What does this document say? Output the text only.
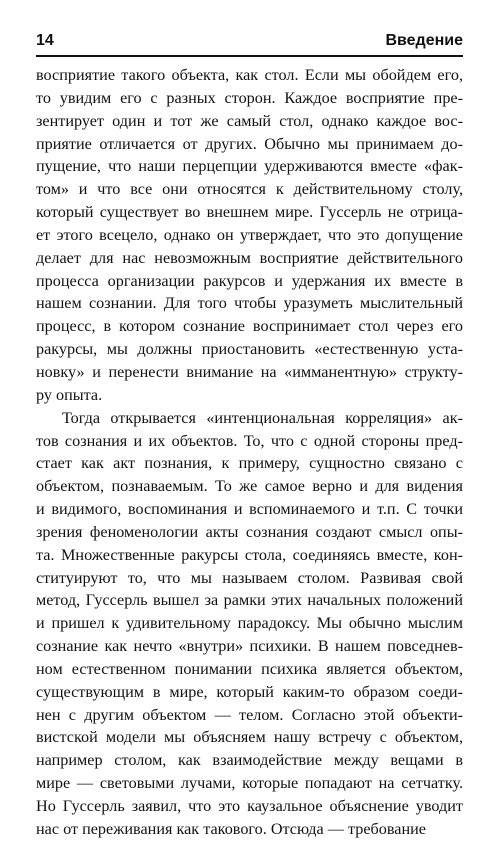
14	Введение
восприятие такого объекта, как стол. Если мы обойдем его,
то увидим его с разных сторон. Каждое восприятие пре-
зентирует один и тот же самый стол, однако каждое вос-
приятие отличается от других. Обычно мы принимаем до-
пущение, что наши перцепции удерживаются вместе «фак-
том» и что все они относятся к действительному столу,
который существует во внешнем мире. Гуссерль не отрица-
ет этого всецело, однако он утверждает, что это допущение
делает для нас невозможным восприятие действительного
процесса организации ракурсов и удержания их вместе в
нашем сознании. Для того чтобы уразуметь мыслительный
процесс, в котором сознание воспринимает стол через его
ракурсы, мы должны приостановить «естественную уста-
новку» и перенести внимание на «имманентную» структу-
ру опыта.
Тогда открывается «интенциональная корреляция» ак-
тов сознания и их объектов. То, что с одной стороны пред-
стает как акт познания, к примеру, сущностно связано с
объектом, познаваемым. То же самое верно и для видения
и видимого, воспоминания и вспоминаемого и т.п. С точки
зрения феноменологии акты сознания создают смысл опы-
та. Множественные ракурсы стола, соединяясь вместе, кон-
ституируют то, что мы называем столом. Развивая свой
метод, Гуссерль вышел за рамки этих начальных положений
и пришел к удивительному парадоксу. Мы обычно мыслим
сознание как нечто «внутри» психики. В нашем повседнев-
ном естественном понимании психика является объектом,
существующим в мире, который каким-то образом соеди-
нен с другим объектом — телом. Согласно этой объекти-
вистской модели мы объясняем нашу встречу с объектом,
например столом, как взаимодействие между вещами в
мире — световыми лучами, которые попадают на сетчатку.
Но Гуссерль заявил, что это каузальное объяснение уводит
нас от переживания как такового. Отсюда — требование
